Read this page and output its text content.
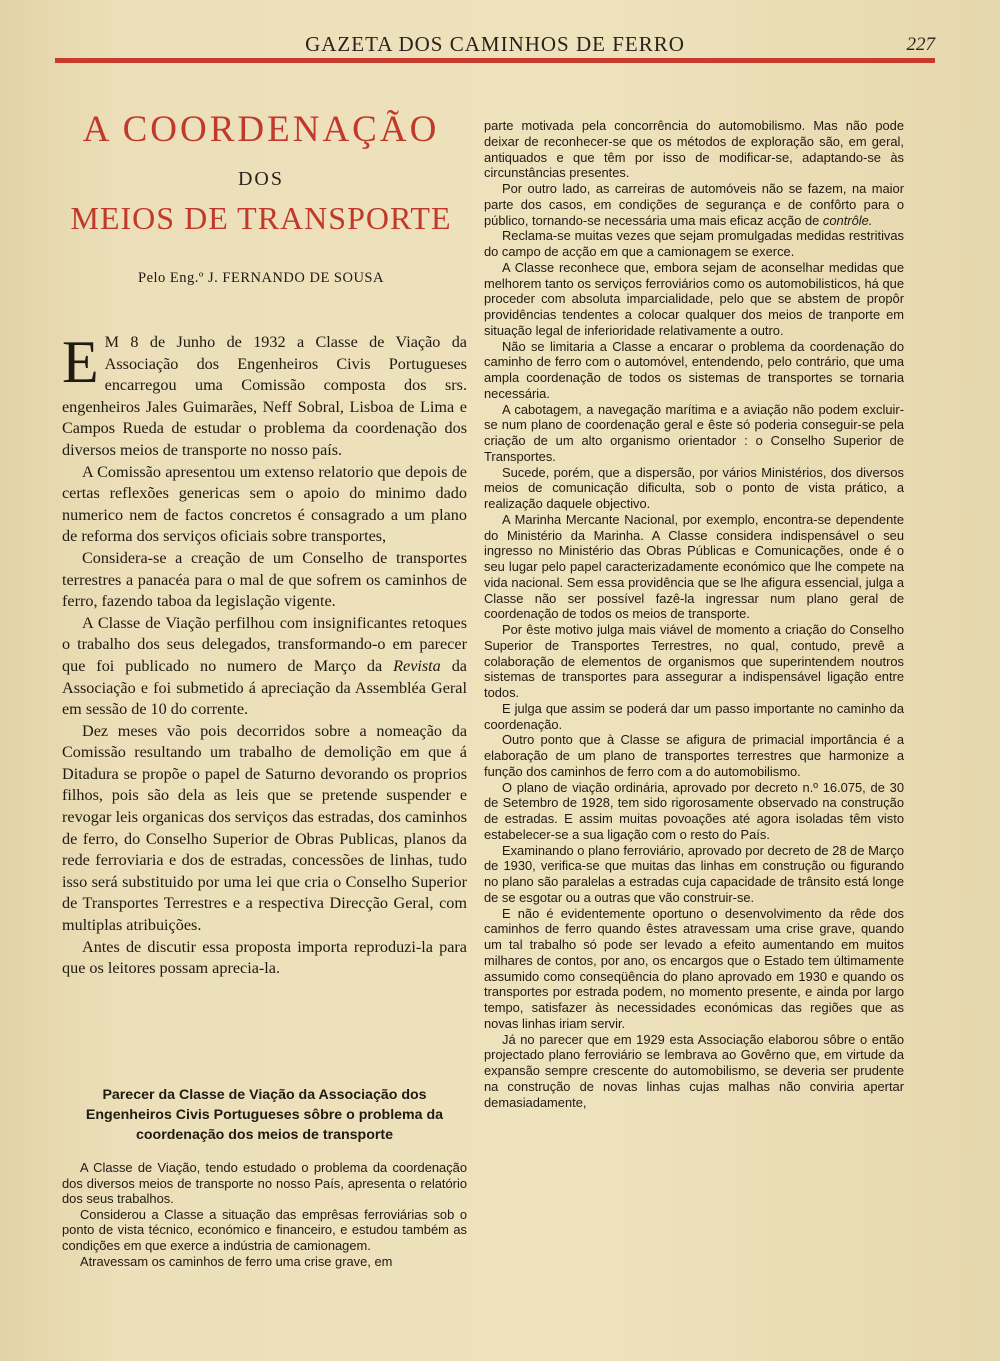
GAZETA DOS CAMINHOS DE FERRO	227
A COORDENAÇÃO
DOS
MEIOS DE TRANSPORTE
Pelo Eng.º J. FERNANDO DE SOUSA

E M 8 de Junho de 1932 a Classe de Viação da Associação dos Engenheiros Civis Portugueses encarregou uma Comissão composta dos srs. engenheiros Jales Guimarães, Neff Sobral, Lisboa de Lima e Campos Rueda de estudar o problema da coordenação dos diversos meios de transporte no nosso país.

A Comissão apresentou um extenso relatorio que depois de certas reflexões genericas sem o apoio do minimo dado numerico nem de factos concretos é consagrado a um plano de reforma dos serviços oficiais sobre transportes,

Considera-se a creação de um Conselho de transportes terrestres a panacéa para o mal de que sofrem os caminhos de ferro, fazendo taboa da legislação vigente.

A Classe de Viação perfilhou com insignificantes retoques o trabalho dos seus delegados, transformando-o em parecer que foi publicado no numero de Março da Revista da Associação e foi submetido á apreciação da Assembléa Geral em sessão de 10 do corrente.

Dez meses vão pois decorridos sobre a nomeação da Comissão resultando um trabalho de demolição em que á Ditadura se propõe o papel de Saturno devorando os proprios filhos, pois são dela as leis que se pretende suspender e revogar leis organicas dos serviços das estradas, dos caminhos de ferro, do Conselho Superior de Obras Publicas, planos da rede ferroviaria e dos de estradas, concessões de linhas, tudo isso será substituido por uma lei que cria o Conselho Superior de Transportes Terrestres e a respectiva Direcção Geral, com multiplas atribuições.

Antes de discutir essa proposta importa reproduzi-la para que os leitores possam aprecia-la.

Parecer da Classe de Viação da Associação dos Engenheiros Civis Portugueses sôbre o problema da coordenação dos meios de transporte

A Classe de Viação, tendo estudado o problema da coordenação dos diversos meios de transporte no nosso País, apresenta o relatório dos seus trabalhos.

Considerou a Classe a situação das emprêsas ferroviárias sob o ponto de vista técnico, económico e financeiro, e estudou também as condições em que exerce a indústria de camionagem.

Atravessam os caminhos de ferro uma crise grave, em

parte motivada pela concorrência do automobilismo. Mas não pode deixar de reconhecer-se que os métodos de exploração são, em geral, antiquados e que têm por isso de modificar-se, adaptando-se às circunstâncias presentes.

Por outro lado, as carreiras de automóveis não se fazem, na maior parte dos casos, em condições de segurança e de confôrto para o público, tornando-se necessária uma mais eficaz acção de contrôle.

Reclama-se muitas vezes que sejam promulgadas medidas restritivas do campo de acção em que a camionagem se exerce.

A Classe reconhece que, embora sejam de aconselhar medidas que melhorem tanto os serviços ferroviários como os automobilisticos, há que proceder com absoluta imparcialidade, pelo que se abstem de propôr providências tendentes a colocar qualquer dos meios de tranporte em situação legal de inferioridade relativamente a outro.

Não se limitaria a Classe a encarar o problema da coordenação do caminho de ferro com o automóvel, entendendo, pelo contrário, que uma ampla coordenação de todos os sistemas de transportes se tornaria necessária.

A cabotagem, a navegação marítima e a aviação não podem excluir-se num plano de coordenação geral e êste só poderia conseguir-se pela criação de um alto organismo orientador : o Conselho Superior de Transportes.

Sucede, porém, que a dispersão, por vários Ministérios, dos diversos meios de comunicação dificulta, sob o ponto de vista prático, a realização daquele objectivo.

A Marinha Mercante Nacional, por exemplo, encontra-se dependente do Ministério da Marinha. A Classe considera indispensável o seu ingresso no Ministério das Obras Públicas e Comunicações, onde é o seu lugar pelo papel caracterizadamente económico que lhe compete na vida nacional. Sem essa providência que se lhe afigura essencial, julga a Classe não ser possível fazê-la ingressar num plano geral de coordenação de todos os meios de transporte.

Por êste motivo julga mais viável de momento a criação do Conselho Superior de Transportes Terrestres, no qual, contudo, prevê a colaboração de elementos de organismos que superintendem noutros sistemas de transportes para assegurar a indispensável ligação entre todos.

E julga que assim se poderá dar um passo importante no caminho da coordenação.

Outro ponto que à Classe se afigura de primacial importância é a elaboração de um plano de transportes terrestres que harmonize a função dos caminhos de ferro com a do automobilismo.

O plano de viação ordinária, aprovado por decreto n.º 16.075, de 30 de Setembro de 1928, tem sido rigorosamente observado na construção de estradas. E assim muitas povoações até agora isoladas têm visto estabelecer-se a sua ligação com o resto do País.

Examinando o plano ferroviário, aprovado por decreto de 28 de Março de 1930, verifica-se que muitas das linhas em construção ou figurando no plano são paralelas a estradas cuja capacidade de trânsito está longe de se esgotar ou a outras que vão construir-se.

E não é evidentemente oportuno o desenvolvimento da rêde dos caminhos de ferro quando êstes atravessam uma crise grave, quando um tal trabalho só pode ser levado a efeito aumentando em muitos milhares de contos, por ano, os encargos que o Estado tem últimamente assumido como conseqüência do plano aprovado em 1930 e quando os transportes por estrada podem, no momento presente, e ainda por largo tempo, satisfazer às necessidades económicas das regiões que as novas linhas iriam servir.

Já no parecer que em 1929 esta Associação elaborou sôbre o então projectado plano ferroviário se lembrava ao Govêrno que, em virtude da expansão sempre crescente do automobilismo, se deveria ser prudente na construção de novas linhas cujas malhas não conviria apertar demasiadamente,
